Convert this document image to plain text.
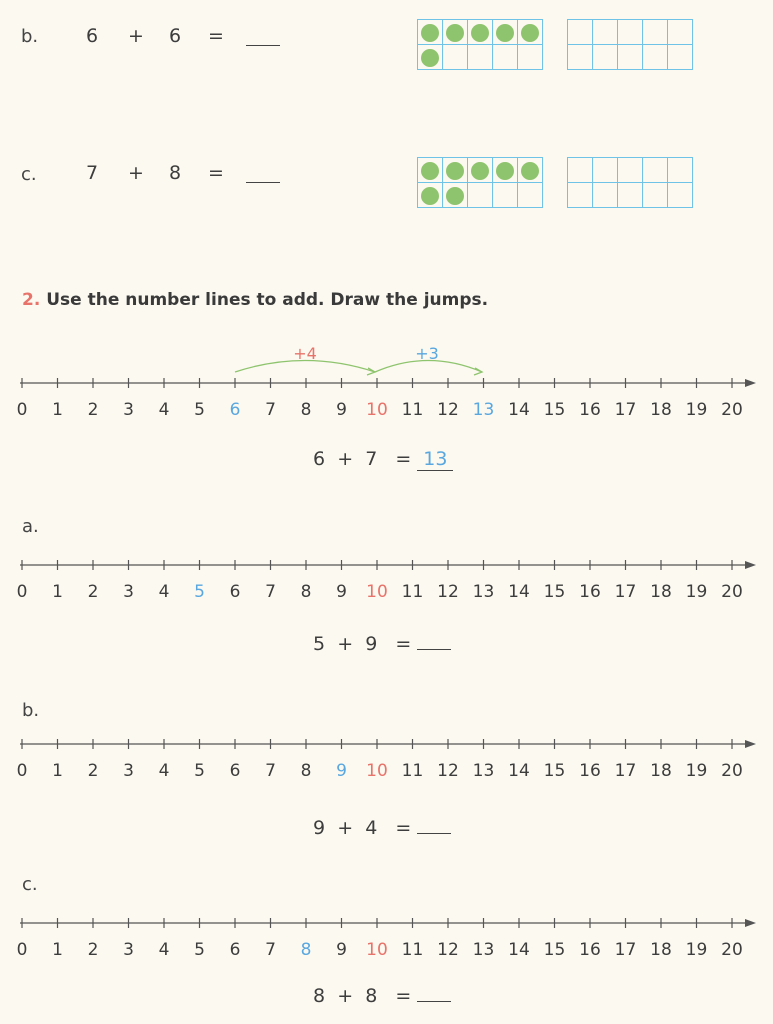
b.	6 + 6 =

c.	7 + 8 =

2. Use the number lines to add. Draw the jumps.
+4	+3
0 1 2 3 4 5 6 7 8 9 10 11 12 13 14 15 16 17 18 19 20
6 + 7 = 13
a.
0 1 2 3 4 5 6 7 8 9 10 11 12 13 14 15 16 17 18 19 20
5 + 9 =
b.
0 1 2 3 4 5 6 7 8 9 10 11 12 13 14 15 16 17 18 19 20
9 + 4 =
c.
0 1 2 3 4 5 6 7 8 9 10 11 12 13 14 15 16 17 18 19 20
8 + 8 =
